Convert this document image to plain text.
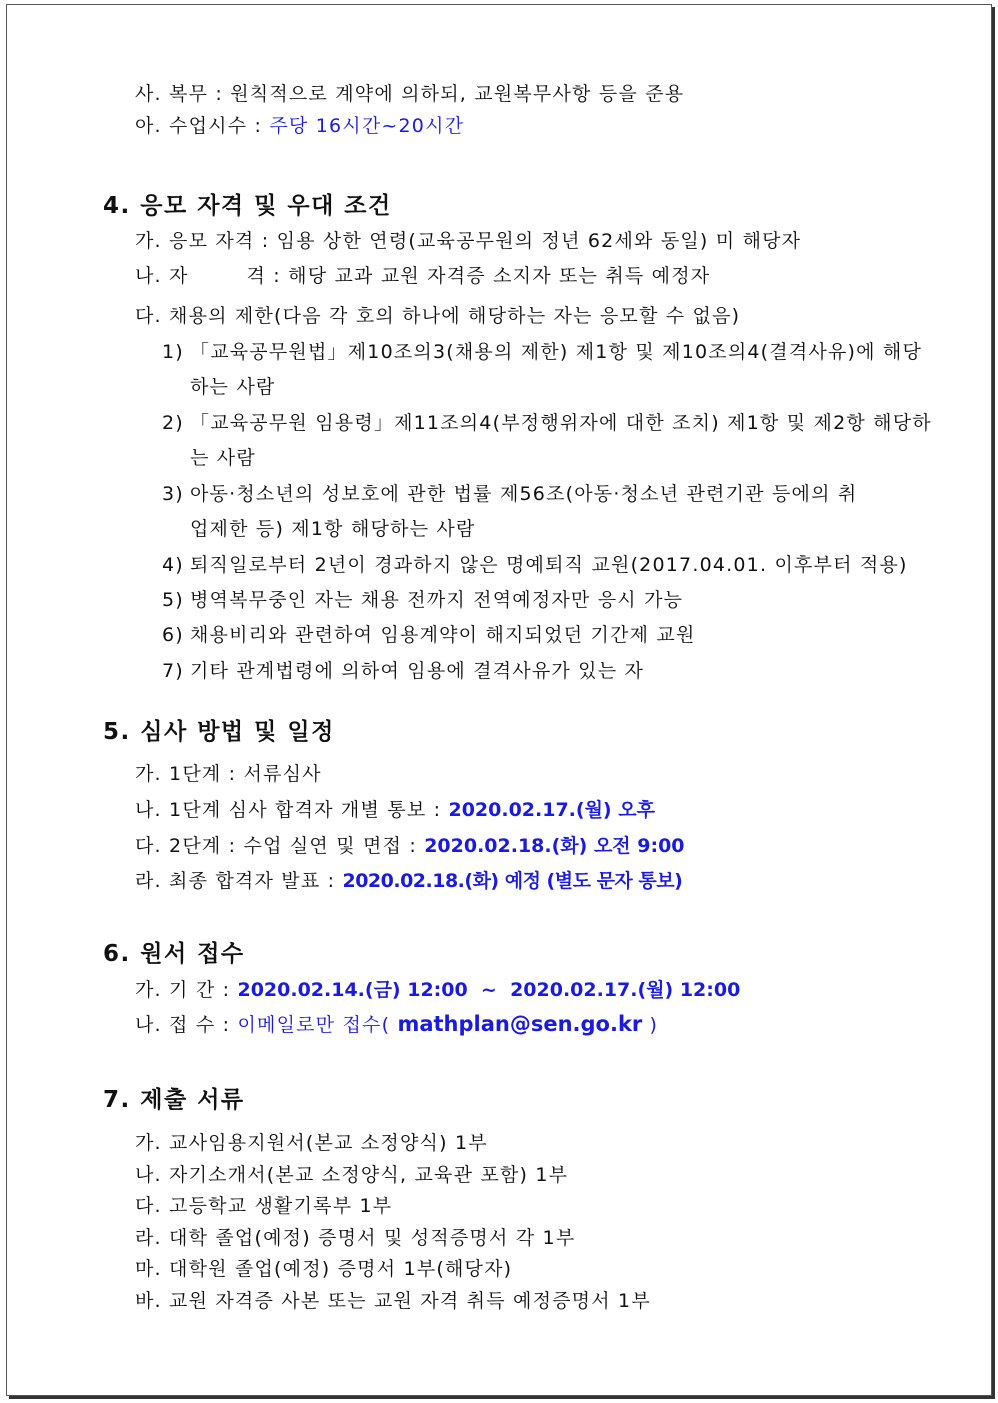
사. 복무 : 원칙적으로 계약에 의하되, 교원복무사항 등을 준용
아. 수업시수 : 주당 16시간~20시간
4. 응모 자격 및 우대 조건
가. 응모 자격 : 임용 상한 연령(교육공무원의 정년 62세와 동일) 미 해당자
나. 자        격 : 해당 교과 교원 자격증 소지자 또는 취득 예정자
다. 채용의 제한(다음 각 호의 하나에 해당하는 자는 응모할 수 없음)
1) 「교육공무원법」제10조의3(채용의 제한) 제1항 및 제10조의4(결격사유)에 해당
하는 사람
2) 「교육공무원 임용령」제11조의4(부정행위자에 대한 조치) 제1항 및 제2항 해당하
는 사람
3) 아동·청소년의 성보호에 관한 법률 제56조(아동·청소년 관련기관 등에의 취
업제한 등) 제1항 해당하는 사람
4) 퇴직일로부터 2년이 경과하지 않은 명예퇴직 교원(2017.04.01. 이후부터 적용)
5) 병역복무중인 자는 채용 전까지 전역예정자만 응시 가능
6) 채용비리와 관련하여 임용계약이 해지되었던 기간제 교원
7) 기타 관계법령에 의하여 임용에 결격사유가 있는 자
5. 심사 방법 및 일정
가. 1단계 : 서류심사
나. 1단계 심사 합격자 개별 통보 : 2020.02.17.(월) 오후
다. 2단계 : 수업 실연 및 면접 : 2020.02.18.(화) 오전 9:00
라. 최종 합격자 발표 : 2020.02.18.(화) 예정 (별도 문자 통보)
6. 원서 접수
가. 기 간 : 2020.02.14.(금) 12:00  ~  2020.02.17.(월) 12:00
나. 접 수 : 이메일로만 접수( mathplan@sen.go.kr )
7. 제출 서류
가. 교사임용지원서(본교 소정양식) 1부
나. 자기소개서(본교 소정양식, 교육관 포함) 1부
다. 고등학교 생활기록부 1부
라. 대학 졸업(예정) 증명서 및 성적증명서 각 1부
마. 대학원 졸업(예정) 증명서 1부(해당자)
바. 교원 자격증 사본 또는 교원 자격 취득 예정증명서 1부
